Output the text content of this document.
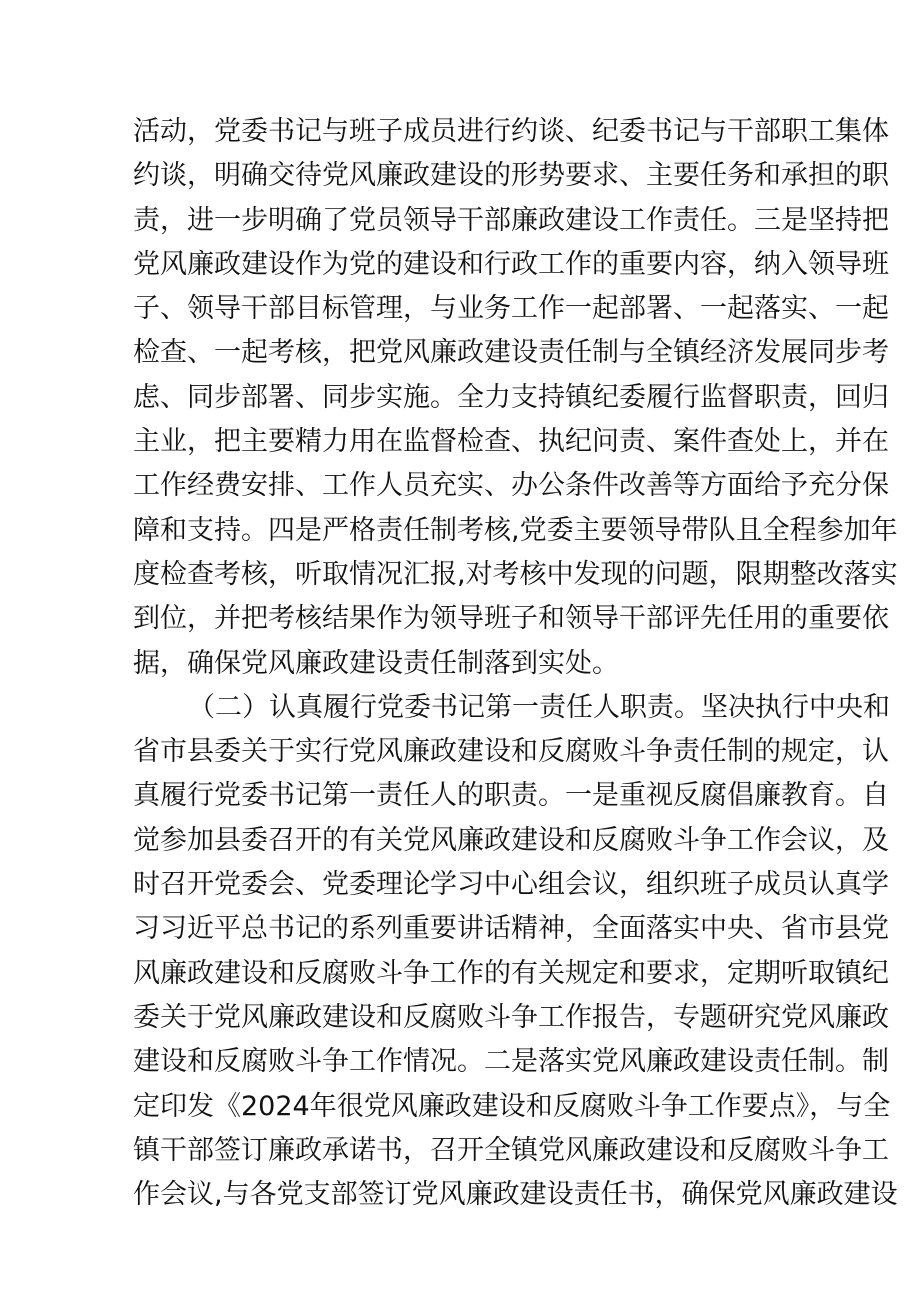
活动，党委书记与班子成员进行约谈、纪委书记与干部职工集体
约谈，明确交待党风廉政建设的形势要求、主要任务和承担的职
责，进一步明确了党员领导干部廉政建设工作责任。三是坚持把
党风廉政建设作为党的建设和行政工作的重要内容，纳入领导班
子、领导干部目标管理，与业务工作一起部署、一起落实、一起
检查、一起考核，把党风廉政建设责任制与全镇经济发展同步考
虑、同步部署、同步实施。全力支持镇纪委履行监督职责，回归
主业，把主要精力用在监督检查、执纪问责、案件查处上，并在
工作经费安排、工作人员充实、办公条件改善等方面给予充分保
障和支持。四是严格责任制考核,党委主要领导带队且全程参加年
度检查考核，听取情况汇报,对考核中发现的问题，限期整改落实
到位，并把考核结果作为领导班子和领导干部评先任用的重要依
据，确保党风廉政建设责任制落到实处。
（二）认真履行党委书记第一责任人职责。坚决执行中央和
省市县委关于实行党风廉政建设和反腐败斗争责任制的规定，认
真履行党委书记第一责任人的职责。一是重视反腐倡廉教育。自
觉参加县委召开的有关党风廉政建设和反腐败斗争工作会议，及
时召开党委会、党委理论学习中心组会议，组织班子成员认真学
习习近平总书记的系列重要讲话精神，全面落实中央、省市县党
风廉政建设和反腐败斗争工作的有关规定和要求，定期听取镇纪
委关于党风廉政建设和反腐败斗争工作报告，专题研究党风廉政
建设和反腐败斗争工作情况。二是落实党风廉政建设责任制。制
定印发《2024年很党风廉政建设和反腐败斗争工作要点》，与全
镇干部签订廉政承诺书，召开全镇党风廉政建设和反腐败斗争工
作会议,与各党支部签订党风廉政建设责任书，确保党风廉政建设
